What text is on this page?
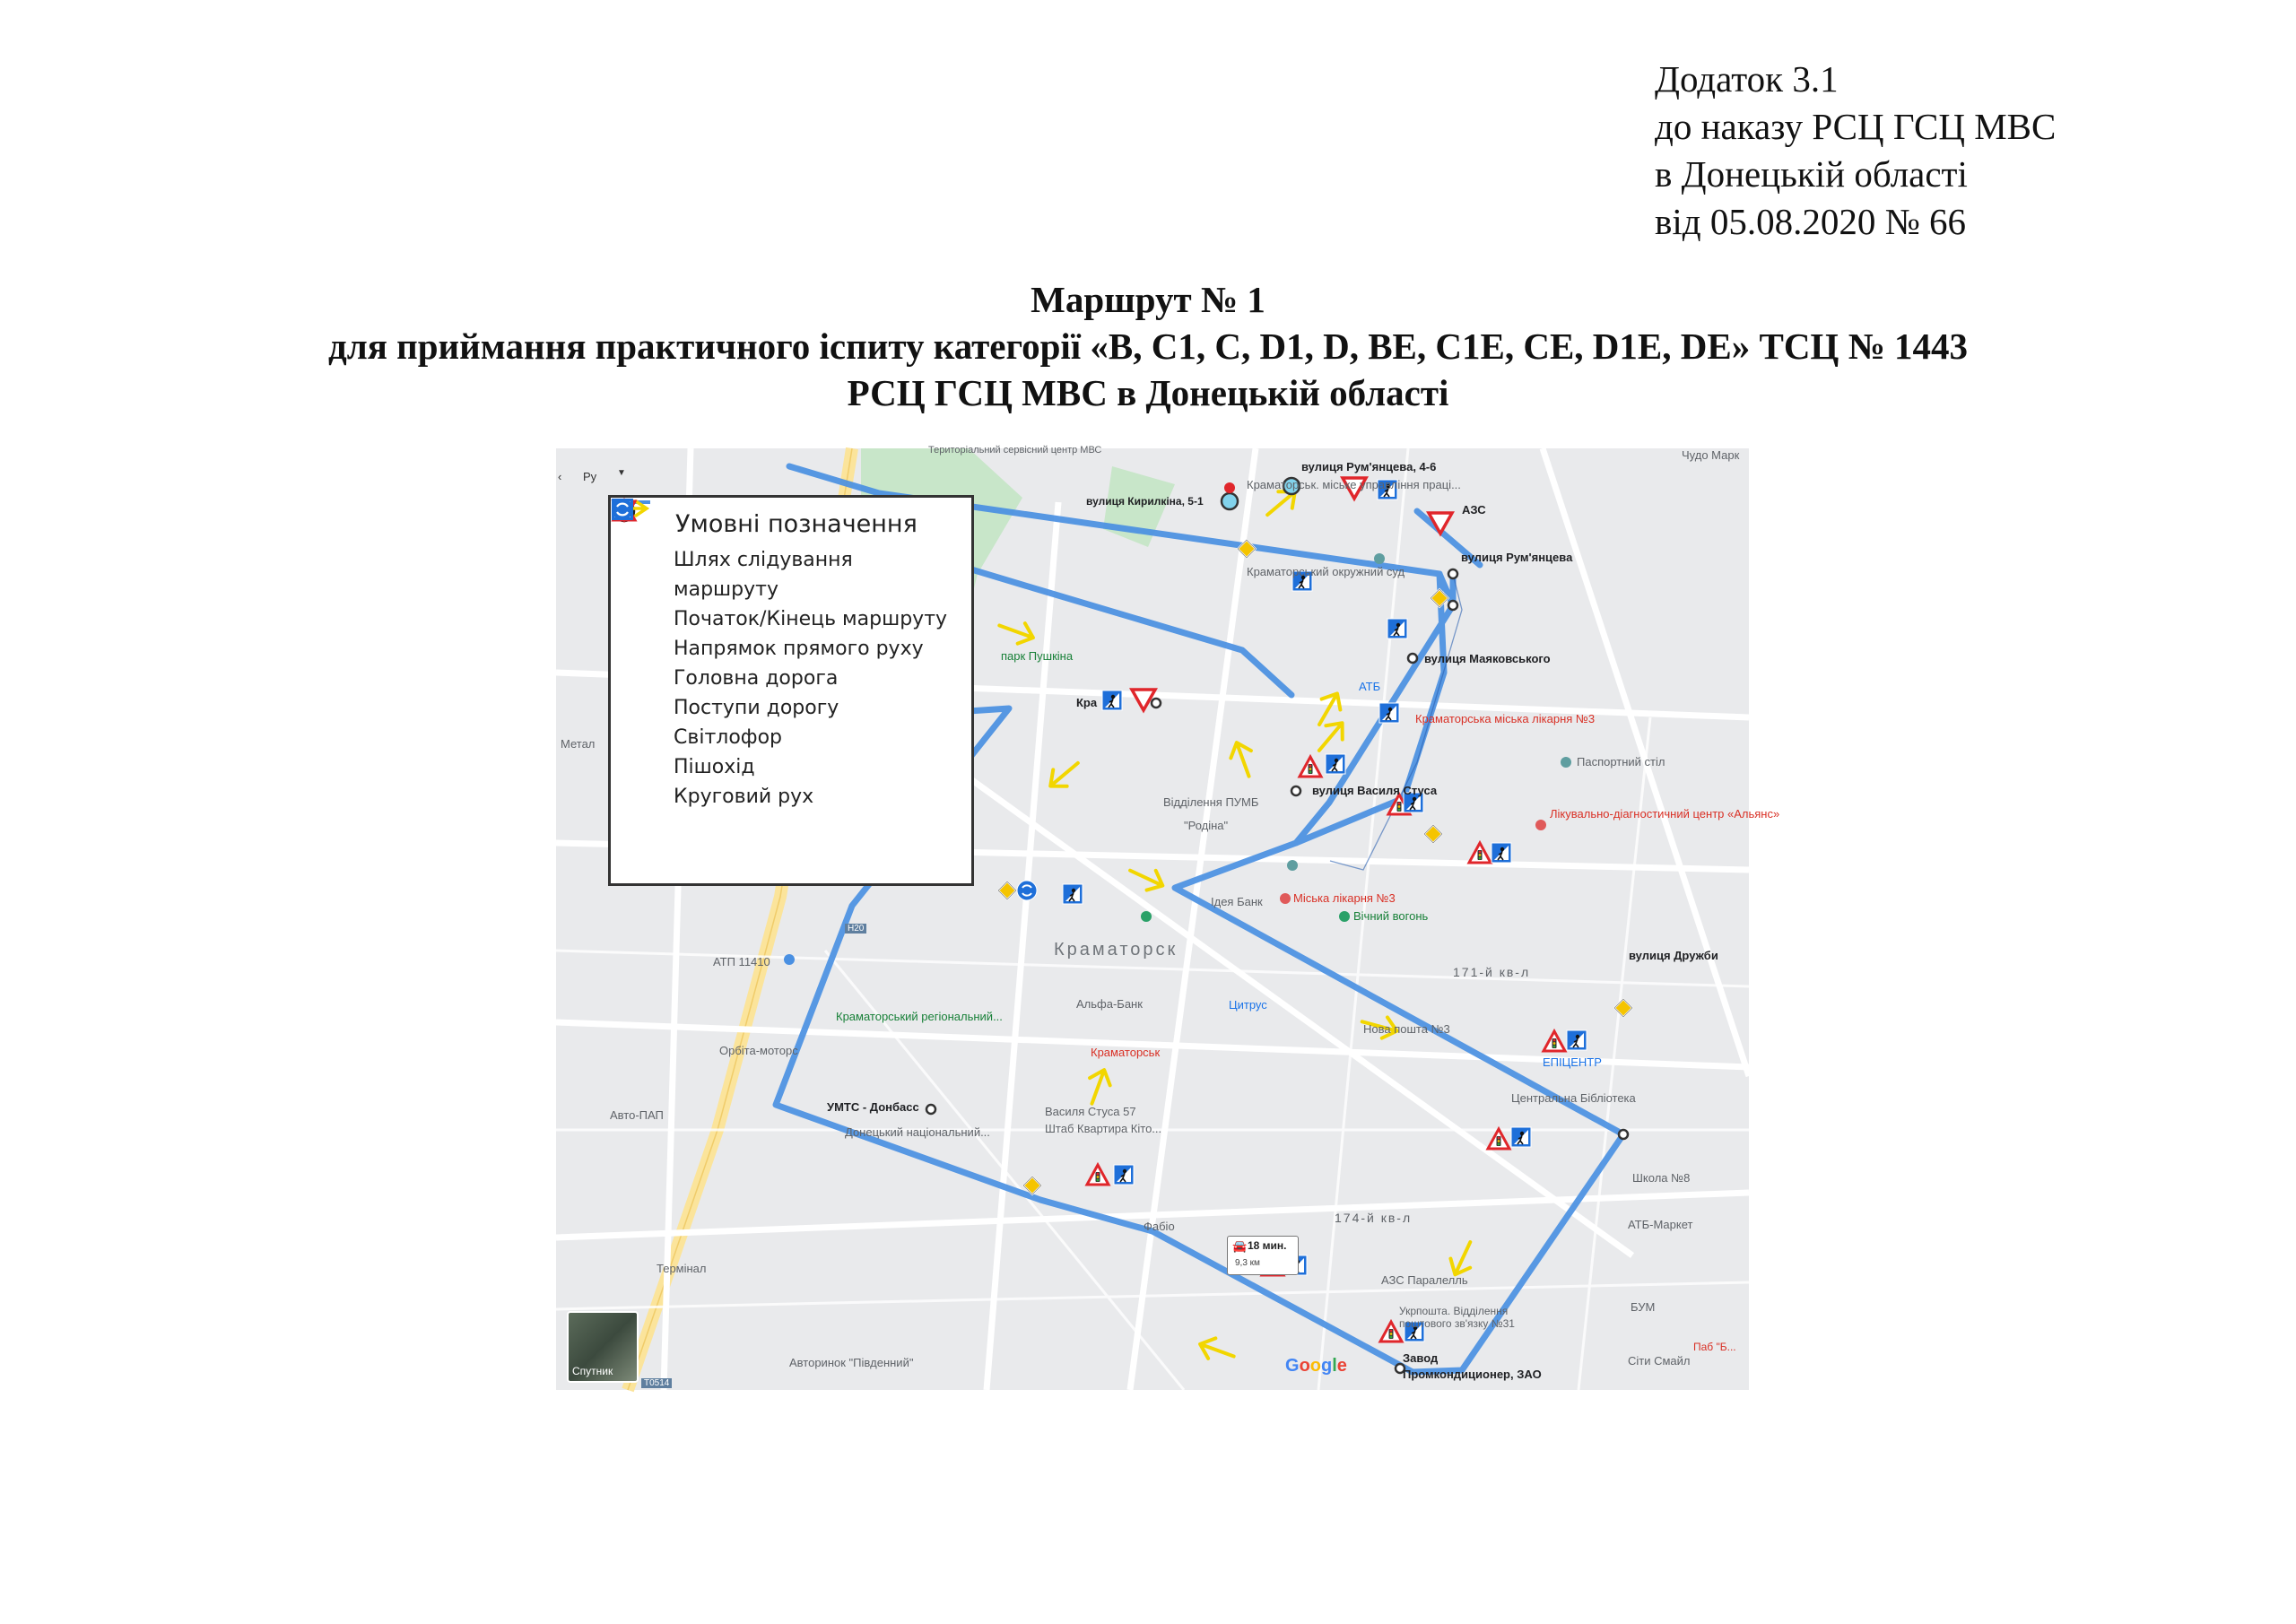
Додаток 3.1
до наказу РСЦ ГСЦ МВС
в Донецькій області
від 05.08.2020 № 66
Маршрут № 1
для приймання практичного іспиту категорії «B, C1, C, D1, D, BE, C1E, CE, D1E, DE» ТСЦ № 1443
РСЦ ГСЦ МВС в Донецькій області
Територіальний сервісний центр МВС
вулиця Рум'янцева, 4-6
Чудо Марк
вулиця Кирилкіна, 5-1
Краматорськ. міське управління праці...
АЗС
вулиця Рум'янцева
Краматорський окружний суд
парк Пушкіна	вулиця Маяковського
АТБ
Краматорська міська лікарня №3
Кра
Паспортний стіл
Метал
вулиця Василя Стуса
Лікувально-діагностичний центр «Альянс»
Відділення ПУМБ
"Родіна"
Ідея Банк	Міська лікарня №3
Вічний вогонь
Краматорск
171-й кв-л
вулиця Дружби
АТП 11410
Альфа-Банк	Цитрус
Нова пошта №3
Краматорський регіональний...
Орбіта-моторс	Краматорськ
ЕПІЦЕНТР
Центральна Бібліотека
УМТС - Донбасс
Авто-ПАП
Донецький національний...
Василя Стуса 57
Штаб Квартира Кіто...
Школа №8
174-й кв-л	АТБ-Маркет
Фабіо
Термінал
АЗС Паралелль
БУМ
Укрпошта. Відділення поштового зв'язку №31
Паб "Б...
Сіти Смайл
Завод
Промкондиционер, ЗАО
Авторинок "Південний"
H20
T0514
🚘 18 мин.
9,3 км
‹ Ру ▼
Спутник	Google
Умовні позначення
Шлях слідування маршруту
Початок/Кінець маршруту
Напрямок прямого руху
Головна дорога
Поступи дорогу
Світлофор
Пішохід
Круговий рух
